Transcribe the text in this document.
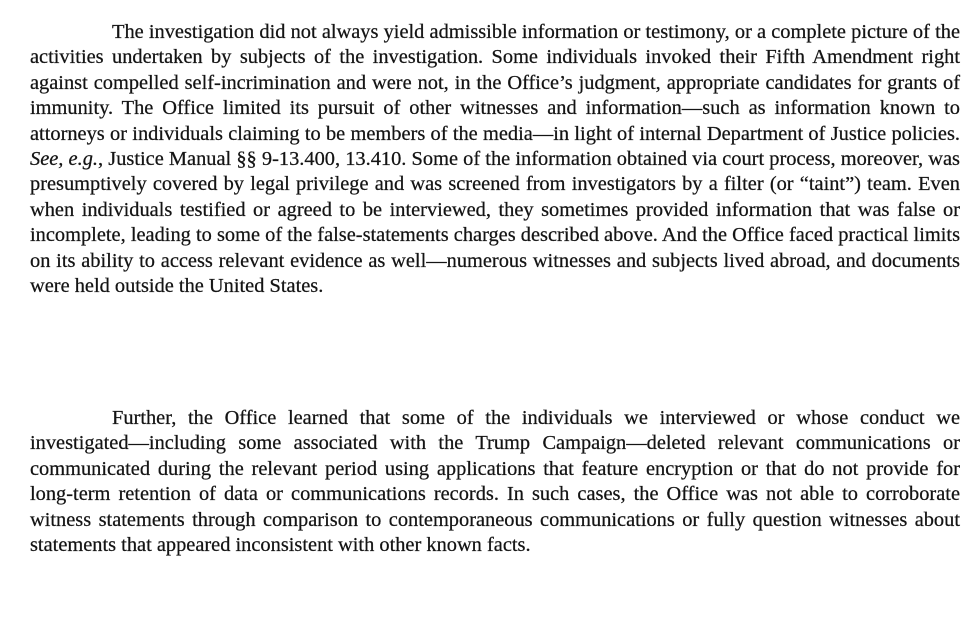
The investigation did not always yield admissible information or testimony, or a complete picture of the activities undertaken by subjects of the investigation. Some individuals invoked their Fifth Amendment right against compelled self-incrimination and were not, in the Office’s judgment, appropriate candidates for grants of immunity. The Office limited its pursuit of other witnesses and information—such as information known to attorneys or individuals claiming to be members of the media—in light of internal Department of Justice policies. See, e.g., Justice Manual §§ 9-13.400, 13.410. Some of the information obtained via court process, moreover, was presumptively covered by legal privilege and was screened from investigators by a filter (or “taint”) team. Even when individuals testified or agreed to be interviewed, they sometimes provided information that was false or incomplete, leading to some of the false-statements charges described above. And the Office faced practical limits on its ability to access relevant evidence as well—numerous witnesses and subjects lived abroad, and documents were held outside the United States.

Further, the Office learned that some of the individuals we interviewed or whose conduct we investigated—including some associated with the Trump Campaign—deleted relevant communications or communicated during the relevant period using applications that feature encryption or that do not provide for long-term retention of data or communications records. In such cases, the Office was not able to corroborate witness statements through comparison to contemporaneous communications or fully question witnesses about statements that appeared inconsistent with other known facts.
